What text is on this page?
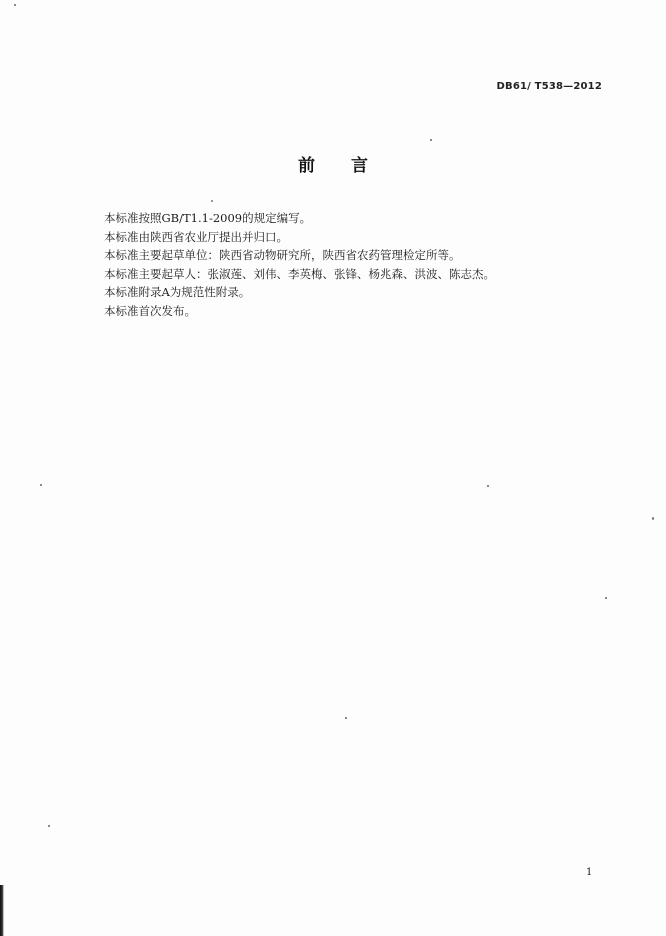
DB61/ T538—2012
前言
本标准按照GB/T1.1-2009的规定编写。
本标准由陕西省农业厅提出并归口。
本标准主要起草单位：陕西省动物研究所，陕西省农药管理检定所等。
本标准主要起草人：张淑莲、刘伟、李英梅、张锋、杨兆森、洪波、陈志杰。
本标准附录A为规范性附录。
本标准首次发布。
1
